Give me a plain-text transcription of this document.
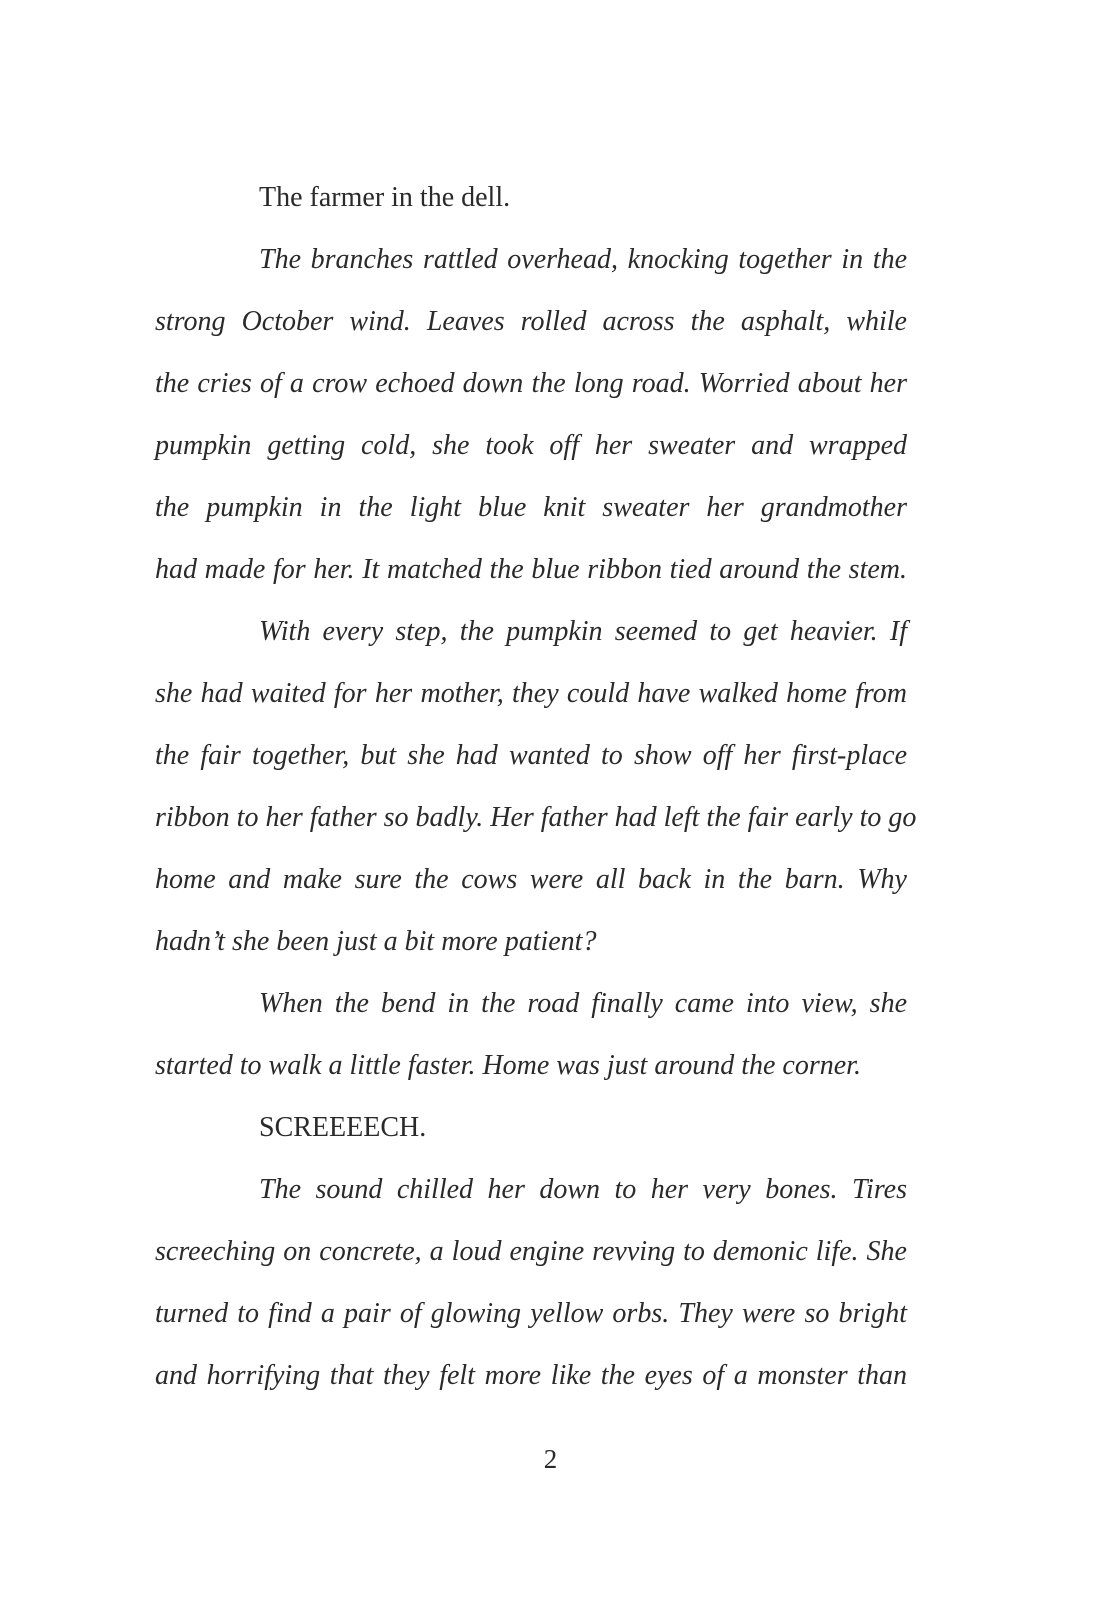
The farmer in the dell.
The branches rattled overhead, knocking together in the
strong October wind. Leaves rolled across the asphalt, while
the cries of a crow echoed down the long road. Worried about her
pumpkin getting cold, she took off her sweater and wrapped
the pumpkin in the light blue knit sweater her grandmother
had made for her. It matched the blue ribbon tied around the stem.
With every step, the pumpkin seemed to get heavier. If
she had waited for her mother, they could have walked home from
the fair together, but she had wanted to show off her first-place
ribbon to her father so badly. Her father had left the fair early to go
home and make sure the cows were all back in the barn. Why
hadn’t she been just a bit more patient?
When the bend in the road finally came into view, she
started to walk a little faster. Home was just around the corner.
SCREEEECH.
The sound chilled her down to her very bones. Tires
screeching on concrete, a loud engine revving to demonic life. She
turned to find a pair of glowing yellow orbs. They were so bright
and horrifying that they felt more like the eyes of a monster than
2
